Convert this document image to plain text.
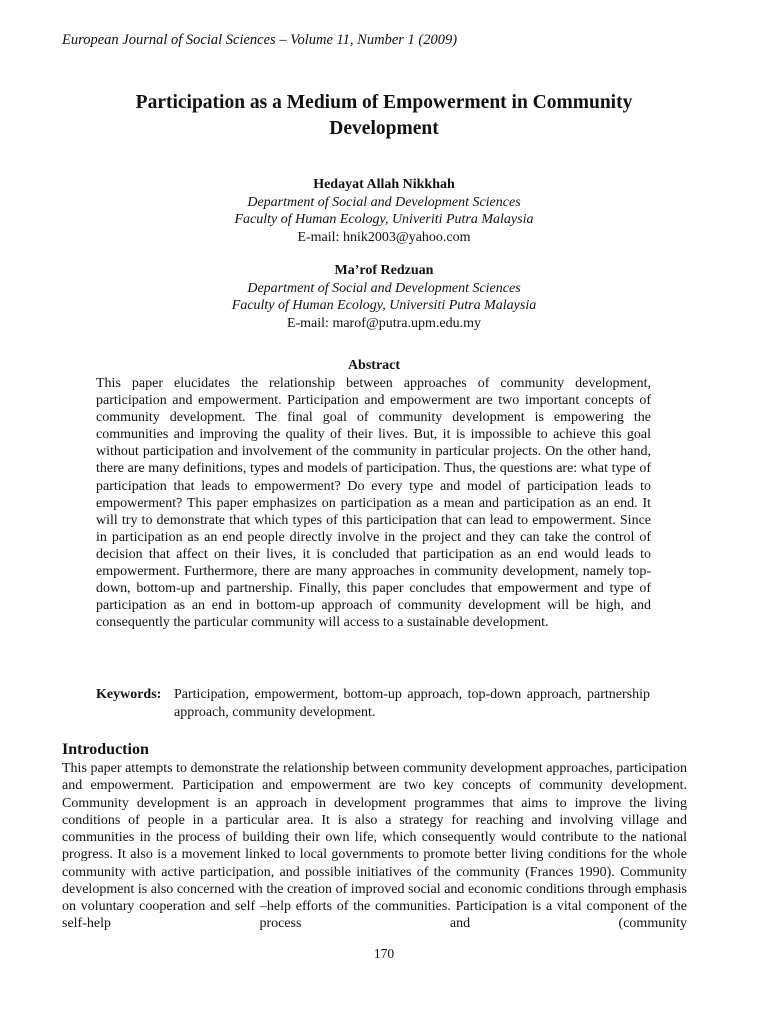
European Journal of Social Sciences – Volume 11, Number 1 (2009)
Participation as a Medium of Empowerment in Community Development
Hedayat Allah Nikkhah
Department of Social and Development Sciences
Faculty of Human Ecology, Univeriti Putra Malaysia
E-mail: hnik2003@yahoo.com
Ma’rof Redzuan
Department of Social and Development Sciences
Faculty of Human Ecology, Universiti Putra Malaysia
E-mail: marof@putra.upm.edu.my
Abstract

This paper elucidates the relationship between approaches of community development, participation and empowerment. Participation and empowerment are two important concepts of community development. The final goal of community development is empowering the communities and improving the quality of their lives. But, it is impossible to achieve this goal without participation and involvement of the community in particular projects. On the other hand, there are many definitions, types and models of participation. Thus, the questions are: what type of participation that leads to empowerment? Do every type and model of participation leads to empowerment? This paper emphasizes on participation as a mean and participation as an end. It will try to demonstrate that which types of this participation that can lead to empowerment. Since in participation as an end people directly involve in the project and they can take the control of decision that affect on their lives, it is concluded that participation as an end would leads to empowerment. Furthermore, there are many approaches in community development, namely top-down, bottom-up and partnership. Finally, this paper concludes that empowerment and type of participation as an end in bottom-up approach of community development will be high, and consequently the particular community will access to a sustainable development.

Keywords: Participation, empowerment, bottom-up approach, top-down approach, partnership approach, community development.
Introduction

This paper attempts to demonstrate the relationship between community development approaches, participation and empowerment. Participation and empowerment are two key concepts of community development. Community development is an approach in development programmes that aims to improve the living conditions of people in a particular area. It is also a strategy for reaching and involving village and communities in the process of building their own life, which consequently would contribute to the national progress. It also is a movement linked to local governments to promote better living conditions for the whole community with active participation, and possible initiatives of the community (Frances 1990). Community development is also concerned with the creation of improved social and economic conditions through emphasis on voluntary cooperation and self –help efforts of the communities. Participation is a vital component of the self-help process and (community

170
